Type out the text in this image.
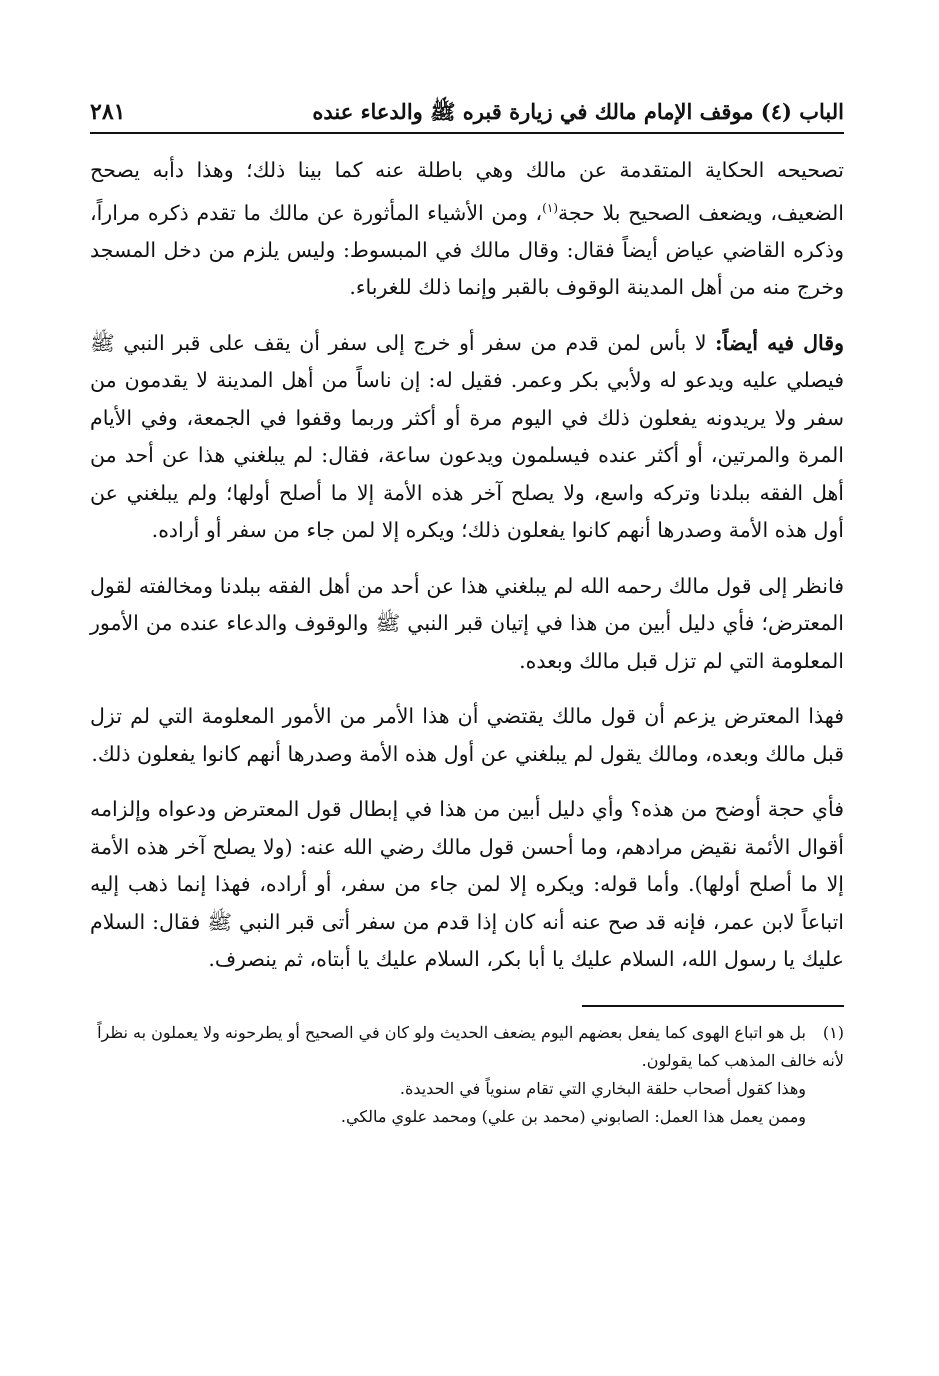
الباب (٤) موقف الإمام مالك في زيارة قبره ﷺ والدعاء عنده
٢٨١

تصحيحه الحكاية المتقدمة عن مالك وهي باطلة عنه كما بينا ذلك؛ وهذا دأبه يصحح الضعيف، ويضعف الصحيح بلا حجة$^{(١)}$، ومن الأشياء المأثورة عن مالك ما تقدم ذكره مراراً، وذكره القاضي عياض أيضاً فقال: وقال مالك في المبسوط: وليس يلزم من دخل المسجد وخرج منه من أهل المدينة الوقوف بالقبر وإنما ذلك للغرباء.

وقال فيه أيضاً: لا بأس لمن قدم من سفر أو خرج إلى سفر أن يقف على قبر النبي ﷺ فيصلي عليه ويدعو له ولأبي بكر وعمر. فقيل له: إن ناساً من أهل المدينة لا يقدمون من سفر ولا يريدونه يفعلون ذلك في اليوم مرة أو أكثر وربما وقفوا في الجمعة، وفي الأيام المرة والمرتين، أو أكثر عنده فيسلمون ويدعون ساعة، فقال: لم يبلغني هذا عن أحد من أهل الفقه ببلدنا وتركه واسع، ولا يصلح آخر هذه الأمة إلا ما أصلح أولها؛ ولم يبلغني عن أول هذه الأمة وصدرها أنهم كانوا يفعلون ذلك؛ ويكره إلا لمن جاء من سفر أو أراده.

فانظر إلى قول مالك رحمه الله لم يبلغني هذا عن أحد من أهل الفقه ببلدنا ومخالفته لقول المعترض؛ فأي دليل أبين من هذا في إتيان قبر النبي ﷺ والوقوف والدعاء عنده من الأمور المعلومة التي لم تزل قبل مالك وبعده.

فهذا المعترض يزعم أن قول مالك يقتضي أن هذا الأمر من الأمور المعلومة التي لم تزل قبل مالك وبعده، ومالك يقول لم يبلغني عن أول هذه الأمة وصدرها أنهم كانوا يفعلون ذلك.

فأي حجة أوضح من هذه؟ وأي دليل أبين من هذا في إبطال قول المعترض ودعواه وإلزامه أقوال الأئمة نقيض مرادهم، وما أحسن قول مالك رضي الله عنه: (ولا يصلح آخر هذه الأمة إلا ما أصلح أولها). وأما قوله: ويكره إلا لمن جاء من سفر، أو أراده، فهذا إنما ذهب إليه اتباعاً لابن عمر، فإنه قد صح عنه أنه كان إذا قدم من سفر أتى قبر النبي ﷺ فقال: السلام عليك يا رسول الله، السلام عليك يا أبا بكر، السلام عليك يا أبتاه، ثم ينصرف.

(١)بل هو اتباع الهوى كما يفعل بعضهم اليوم يضعف الحديث ولو كان في الصحيح أو يطرحونه ولا يعملون به نظراً لأنه خالف المذهب كما يقولون.

وهذا كقول أصحاب حلقة البخاري التي تقام سنوياً في الحديدة.

وممن يعمل هذا العمل: الصابوني (محمد بن علي) ومحمد علوي مالكي.
